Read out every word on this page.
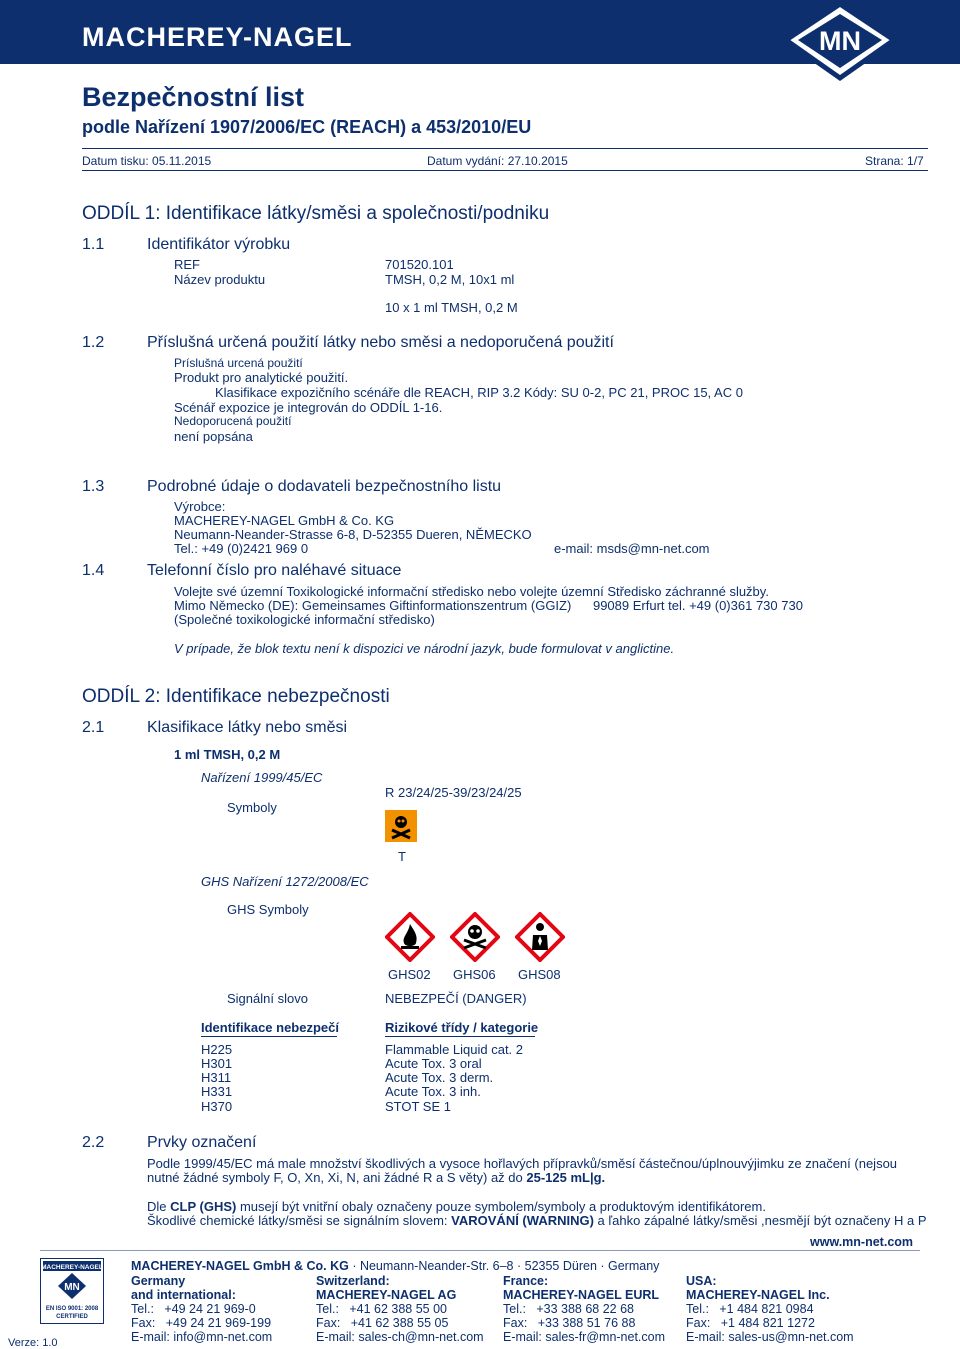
MACHEREY-NAGEL	MN
Bezpečnostní list
podle Nařízení 1907/2006/EC (REACH) a 453/2010/EU
Datum tisku: 05.11.2015	Datum vydání: 27.10.2015	Strana: 1/7
ODDÍL 1: Identifikace látky/směsi a společnosti/podniku
1.1	Identifikátor výrobku
REF	701520.101
Název produktu	TMSH, 0,2 M, 10x1 ml
10 x 1 ml TMSH, 0,2 M
1.2	Příslušná určená použití látky nebo směsi a nedoporučená použití
Príslušná urcená použití
Produkt pro analytické použití.
Klasifikace expozičního scénáře dle REACH, RIP 3.2 Kódy: SU 0-2, PC 21, PROC 15, AC 0
Scénář expozice je integrován do ODDÍL 1-16.
Nedoporucená použití
není popsána
1.3	Podrobné údaje o dodavateli bezpečnostního listu
Výrobce:
MACHEREY-NAGEL GmbH & Co. KG
Neumann-Neander-Strasse 6-8, D-52355 Dueren, NĚMECKO
Tel.: +49 (0)2421 969 0	e-mail: msds@mn-net.com
1.4	Telefonní číslo pro naléhavé situace
Volejte své územní Toxikologické informační středisko nebo volejte územní Středisko záchranné služby.
Mimo Německo (DE): Gemeinsames Giftinformationszentrum (GGIZ)      99089 Erfurt tel. +49 (0)361 730 730
(Společné toxikologické informační středisko)
V prípade, že blok textu není k dispozici ve národní jazyk, bude formulovat v anglictine.
ODDÍL 2: Identifikace nebezpečnosti
2.1	Klasifikace látky nebo směsi
1 ml TMSH, 0,2 M
Nařízení 1999/45/EC
R 23/24/25-39/23/24/25
Symboly
T
GHS Nařízení 1272/2008/EC
GHS Symboly
GHS02 GHS06 GHS08
Signální slovo	NEBEZPEČÍ (DANGER)
Identifikace nebezpečí	Rizikové třídy / kategorie
H225	Flammable Liquid cat. 2
H301	Acute Tox. 3 oral
H311	Acute Tox. 3 derm.
H331	Acute Tox. 3 inh.
H370	STOT SE 1
2.2	Prvky označení
Podle 1999/45/EC má male množství škodlivých a vysoce hořlavých přípravků/směsí částečnou/úplnouvýjimku ze značení (nejsou
nutné žádné symboly F, O, Xn, Xi, N, ani žádné R a S věty) až do 25-125 mL|g.
Dle CLP (GHS) musejí být vnitřní obaly označeny pouze symbolem/symboly a produktovým identifikátorem.
Škodlivé chemické látky/směsi se signálním slovem: VAROVÁNÍ (WARNING) a ľahko zápalné látky/směsi ,nesmějí být označeny H a P
MACHEREY-NAGEL
MN
EN ISO 9001: 2008
CERTIFIED
Verze: 1.0
MACHEREY-NAGEL GmbH & Co. KG · Neumann-Neander-Str. 6–8 · 52355 Düren · Germany
www.mn-net.com
Germany
and international:
Tel.:   +49 24 21 969-0
Fax:   +49 24 21 969-199
E-mail: info@mn-net.com
Switzerland:
MACHEREY-NAGEL AG
Tel.:   +41 62 388 55 00
Fax:   +41 62 388 55 05
E-mail: sales-ch@mn-net.com
France:
MACHEREY-NAGEL EURL
Tel.:   +33 388 68 22 68
Fax:   +33 388 51 76 88
E-mail: sales-fr@mn-net.com
USA:
MACHEREY-NAGEL Inc.
Tel.:   +1 484 821 0984
Fax:   +1 484 821 1272
E-mail: sales-us@mn-net.com
